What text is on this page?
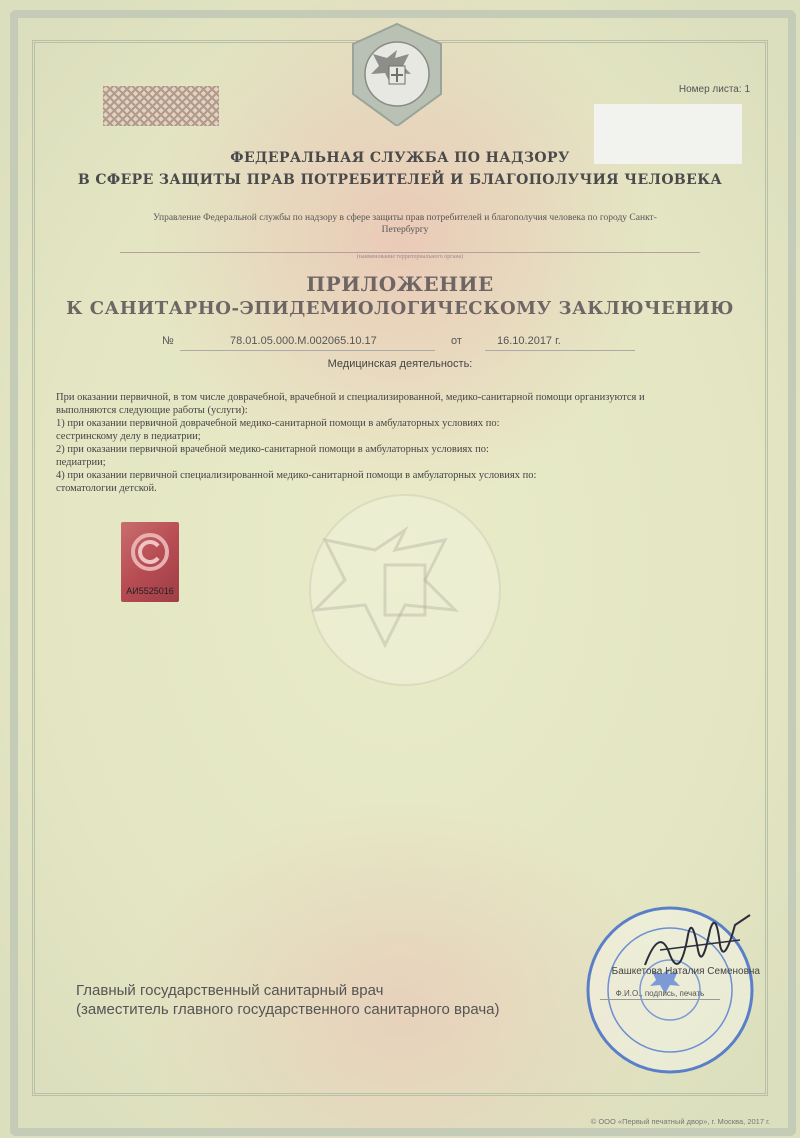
Номер листа: 1
ФЕДЕРАЛЬНАЯ СЛУЖБА ПО НАДЗОРУ
В СФЕРЕ ЗАЩИТЫ ПРАВ ПОТРЕБИТЕЛЕЙ И БЛАГОПОЛУЧИЯ ЧЕЛОВЕКА
Управление Федеральной службы по надзору в сфере защиты прав потребителей и благополучия человека по городу Санкт-
Петербургу
(наименование территориального органа)
ПРИЛОЖЕНИЕ
К САНИТАРНО-ЭПИДЕМИОЛОГИЧЕСКОМУ ЗАКЛЮЧЕНИЮ
№	78.01.05.000.М.002065.10.17	от	16.10.2017 г.
Медицинская деятельность:
При оказании первичной, в том числе доврачебной, врачебной и специализированной, медико-санитарной помощи организуются и
выполняются следующие работы (услуги):
1) при оказании первичной доврачебной медико-санитарной помощи в амбулаторных условиях по:
сестринскому делу в педиатрии;
2) при оказании первичной врачебной медико-санитарной помощи в амбулаторных условиях по:
педиатрии;
4) при оказании первичной специализированной медико-санитарной помощи в амбулаторных условиях по:
стоматологии детской.
АИ5525016
Главный государственный санитарный врач
(заместитель главного государственного санитарного врача)
Башкетова Наталия Семеновна
Ф.И.О., подпись, печать
© ООО «Первый печатный двор», г. Москва, 2017 г.
